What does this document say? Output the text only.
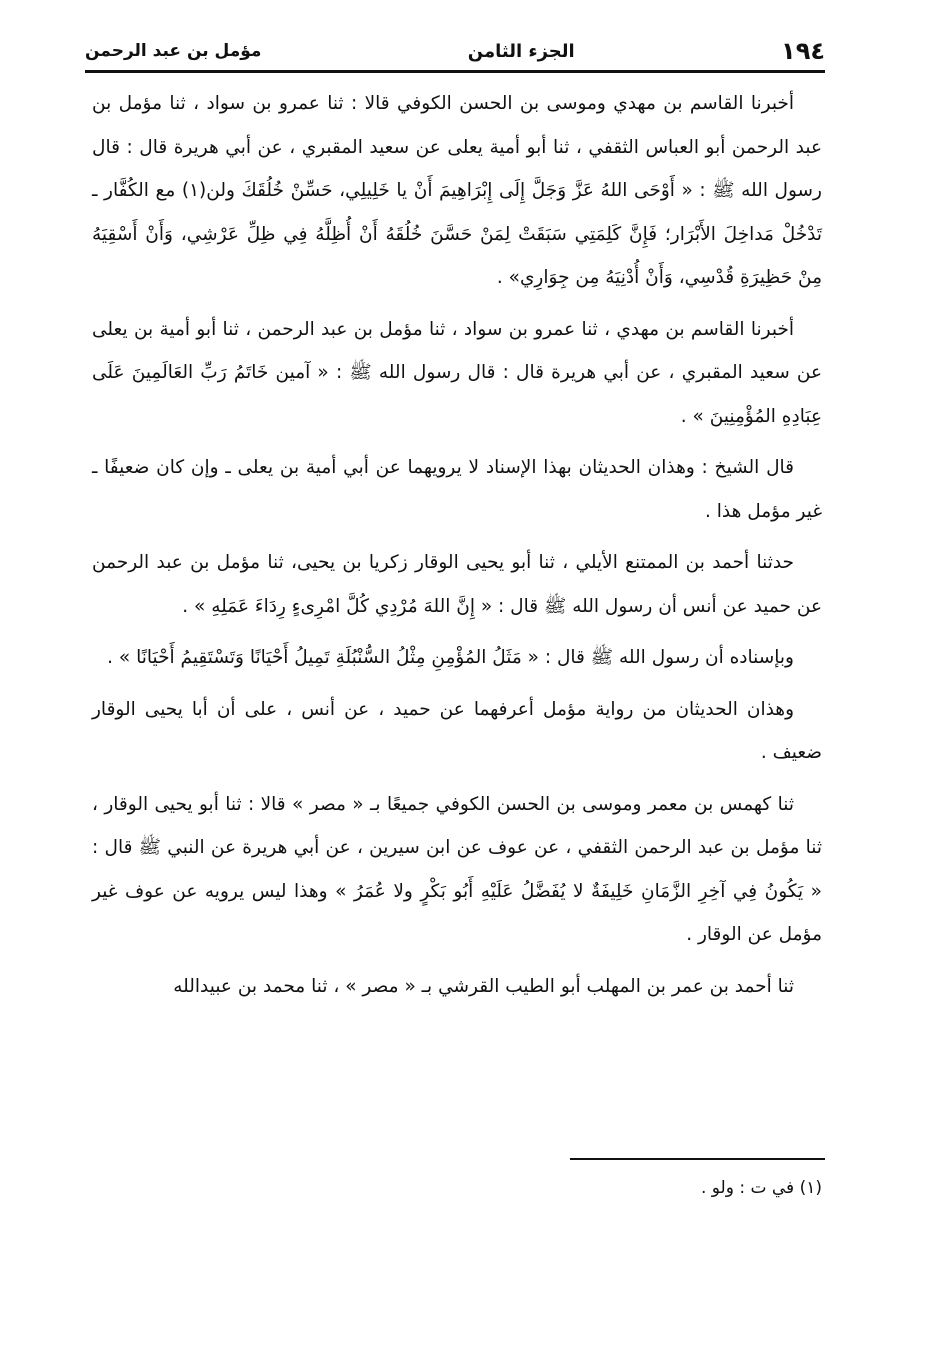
١٩٤
الجزء الثامن
مؤمل بن عبد الرحمن

أخبرنا القاسم بن مهدي وموسى بن الحسن الكوفي قالا : ثنا عمرو بن سواد ، ثنا مؤمل بن عبد الرحمن أبو العباس الثقفي ، ثنا أبو أمية يعلى عن سعيد المقبري ، عن أبي هريرة قال : قال رسول الله ﷺ : « أَوْحَى اللهُ عَزَّ وَجَلَّ إِلَى إِبْرَاهِيمَ أَنْ يا خَلِيلِي، حَسِّنْ خُلُقَكَ ولن(١) مع الكُفَّار ـ تَدْخُلْ مَداخِلَ الأَبْرَار؛ فَإِنَّ كَلِمَتِي سَبَقَتْ لِمَنْ حَسَّنَ خُلُقَهُ أَنْ أُظِلَّهُ فِي ظِلِّ عَرْشِي، وَأَنْ أَسْقِيَهُ مِنْ حَظِيرَةِ قُدْسِي، وَأَنْ أُدْنِيَهُ مِن جِوَارِي» .

أخبرنا القاسم بن مهدي ، ثنا عمرو بن سواد ، ثنا مؤمل بن عبد الرحمن ، ثنا أبو أمية بن يعلى عن سعيد المقبري ، عن أبي هريرة قال : قال رسول الله ﷺ : « آمين خَاتَمُ رَبِّ العَالَمِينَ عَلَى عِبَادِهِ المُؤْمِنِينَ » .

قال الشيخ : وهذان الحديثان بهذا الإسناد لا يرويهما عن أبي أمية بن يعلى ـ وإن كان ضعيفًا ـ غير مؤمل هذا .

حدثنا أحمد بن الممتنع الأيلي ، ثنا أبو يحيى الوقار زكريا بن يحيى، ثنا مؤمل بن عبد الرحمن عن حميد عن أنس أن رسول الله ﷺ قال : « إِنَّ اللهَ مُرْدِي كُلَّ امْرِىءٍ رِدَاءَ عَمَلِهِ » .

وبإسناده أن رسول الله ﷺ قال : « مَثَلُ المُؤْمِنِ مِثْلُ السُّنْبُلَةِ تَمِيلُ أَحْيَانًا وَتَسْتَقِيمُ أَحْيَانًا » .

وهذان الحديثان من رواية مؤمل أعرفهما عن حميد ، عن أنس ، على أن أبا يحيى الوقار ضعيف .

ثنا كهمس بن معمر وموسى بن الحسن الكوفي جميعًا بـ « مصر » قالا : ثنا أبو يحيى الوقار ، ثنا مؤمل بن عبد الرحمن الثقفي ، عن عوف عن ابن سيرين ، عن أبي هريرة عن النبي ﷺ قال : « يَكُونُ فِي آخِرِ الزَّمَانِ خَلِيفَةٌ لا يُفَضَّلُ عَلَيْهِ أَبُو بَكْرٍ ولا عُمَرُ » وهذا ليس يرويه عن عوف غير مؤمل عن الوقار .

ثنا أحمد بن عمر بن المهلب أبو الطيب القرشي بـ « مصر » ، ثنا محمد بن عبيدالله

(١) في ت : ولو .
